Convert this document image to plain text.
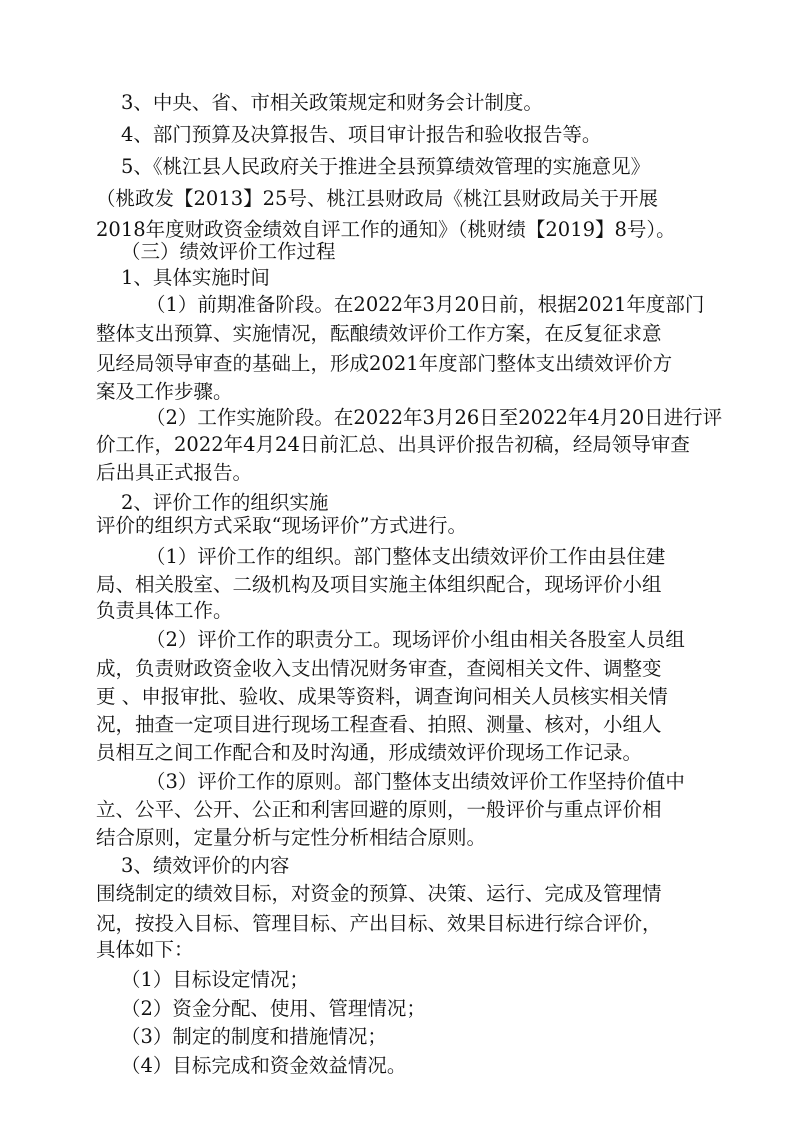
3、中央、省、市相关政策规定和财务会计制度。
4、部门预算及决算报告、项目审计报告和验收报告等。
5、《桃江县人民政府关于推进全县预算绩效管理的实施意见》
（桃政发【2013】25号、桃江县财政局《桃江县财政局关于开展
2018年度财政资金绩效自评工作的通知》（桃财绩【2019】8号）。
（三）绩效评价工作过程
1、具体实施时间
（1）前期准备阶段。在2022年3月20日前，根据2021年度部门
整体支出预算、实施情况，酝酿绩效评价工作方案，在反复征求意
见经局领导审查的基础上，形成2021年度部门整体支出绩效评价方
案及工作步骤。
（2）工作实施阶段。在2022年3月26日至2022年4月20日进行评
价工作，2022年4月24日前汇总、出具评价报告初稿，经局领导审查
后出具正式报告。
2、评价工作的组织实施
评价的组织方式采取“现场评价”方式进行。
（1）评价工作的组织。部门整体支出绩效评价工作由县住建
局、相关股室、二级机构及项目实施主体组织配合，现场评价小组
负责具体工作。
（2）评价工作的职责分工。现场评价小组由相关各股室人员组
成，负责财政资金收入支出情况财务审查，查阅相关文件、调整变
更 、申报审批、验收、成果等资料，调查询问相关人员核实相关情
况，抽查一定项目进行现场工程查看、拍照、测量、核对，小组人
员相互之间工作配合和及时沟通，形成绩效评价现场工作记录。
（3）评价工作的原则。部门整体支出绩效评价工作坚持价值中
立、公平、公开、公正和利害回避的原则，一般评价与重点评价相
结合原则，定量分析与定性分析相结合原则。
3、绩效评价的内容
围绕制定的绩效目标，对资金的预算、决策、运行、完成及管理情
况，按投入目标、管理目标、产出目标、效果目标进行综合评价，
具体如下：
（1）目标设定情况；
（2）资金分配、使用、管理情况；
（3）制定的制度和措施情况；
（4）目标完成和资金效益情况。
